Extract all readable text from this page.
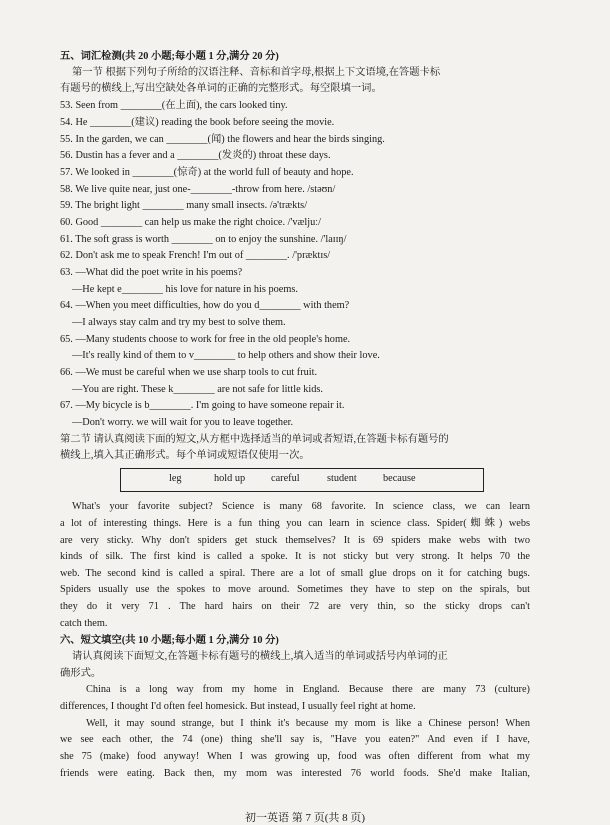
五、词汇检测(共 20 小题;每小题 1 分,满分 20 分)
第一节 根据下列句子所给的汉语注释、音标和首字母,根据上下文语境,在答题卡标
有题号的横线上,写出空缺处各单词的正确的完整形式。每空限填一词。
53. Seen from ________(在上面), the cars looked tiny.
54. He ________(建议) reading the book before seeing the movie.
55. In the garden, we can ________(闻) the flowers and hear the birds singing.
56. Dustin has a fever and a ________(发炎的) throat these days.
57. We looked in ________(惊奇) at the world full of beauty and hope.
58. We live quite near, just one-________-throw from here. /stəʊn/
59. The bright light ________ many small insects. /ə'trækts/
60. Good ________ can help us make the right choice. /'væljuː/
61. The soft grass is worth ________ on to enjoy the sunshine. /'laɪɪŋ/
62. Don't ask me to speak French! I'm out of ________. /'præktɪs/
63. —What did the poet write in his poems?
—He kept e________ his love for nature in his poems.
64. —When you meet difficulties, how do you d________ with them?
—I always stay calm and try my best to solve them.
65. —Many students choose to work for free in the old people's home.
—It's really kind of them to v________ to help others and show their love.
66. —We must be careful when we use sharp tools to cut fruit.
—You are right. These k________ are not safe for little kids.
67. —My bicycle is b________. I'm going to have someone repair it.
—Don't worry. we will wait for you to leave together.
第二节 请认真阅读下面的短文,从方框中选择适当的单词或者短语,在答题卡标有题号的
横线上,填入其正确形式。每个单词或短语仅使用一次。
leg	hold up	careful	student	because
What's your favorite subject? Science is many 68 favorite. In science class, we can learn
a lot of interesting things. Here is a fun thing you can learn in science class. Spider(蜘蛛) webs
are very sticky. Why don't spiders get stuck themselves? It is 69 spiders make webs with two
kinds of silk. The first kind is called a spoke. It is not sticky but very strong. It helps 70 the
web. The second kind is called a spiral. There are a lot of small glue drops on it for catching bugs.
Spiders usually use the spokes to move around. Sometimes they have to step on the spirals, but
they do it very 71 . The hard hairs on their 72 are very thin, so the sticky drops can't
catch them.
六、短文填空(共 10 小题;每小题 1 分,满分 10 分)
请认真阅读下面短文,在答题卡标有题号的横线上,填入适当的单词或括号内单词的正
确形式。
China is a long way from my home in England. Because there are many 73 (culture)
differences, I thought I'd often feel homesick. But instead, I usually feel right at home.
Well, it may sound strange, but I think it's because my mom is like a Chinese person! When
we see each other, the 74 (one) thing she'll say is, "Have you eaten?" And even if I have,
she 75 (make) food anyway! When I was growing up, food was often different from what my
friends were eating. Back then, my mom was interested 76 world foods. She'd make Italian,
初一英语 第 7 页(共 8 页)
